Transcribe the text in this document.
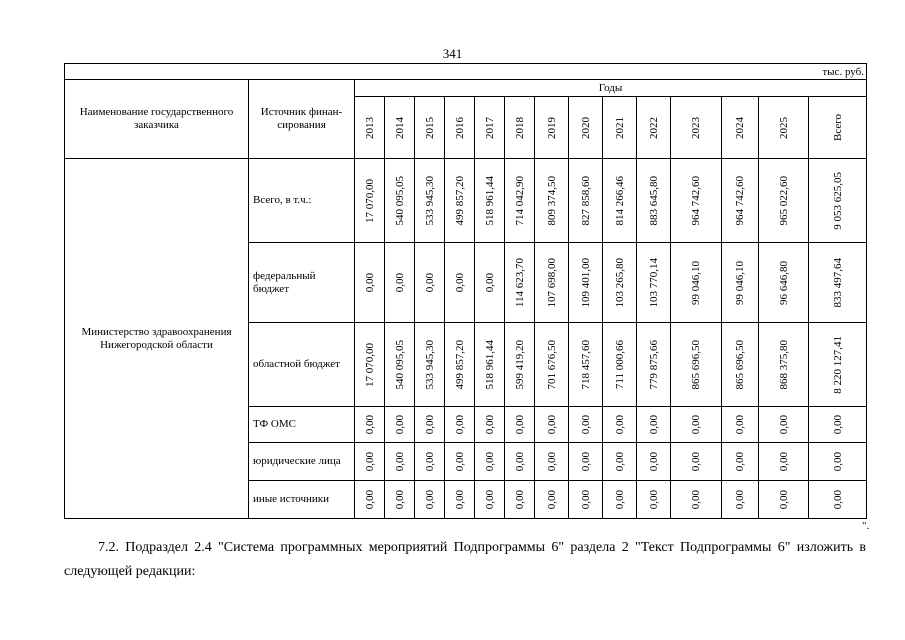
341
тыс. руб.															
Наименование государственного заказчика	Источник финан-сирования	Годы													

		2013	2014	2015	2016	2017	2018	2019	2020	2021	2022	2023	2024	2025	Всего

Министерство здравоохранения Нижегородской области	Всего, в т.ч.:	17 070,00	540 095,05	533 945,30	499 857,20	518 961,44	714 042,90	809 374,50	827 858,60	814 266,46	883 645,80	964 742,60	964 742,60	965 022,60	9 053 625,05

	федеральный бюджет	0,00	0,00	0,00	0,00	0,00	114 623,70	107 698,00	109 401,00	103 265,80	103 770,14	99 046,10	99 046,10	96 646,80	833 497,64

	областной бюджет	17 070,00	540 095,05	533 945,30	499 857,20	518 961,44	599 419,20	701 676,50	718 457,60	711 000,66	779 875,66	865 696,50	865 696,50	868 375,80	8 220 127,41

	ТФ ОМС	0,00	0,00	0,00	0,00	0,00	0,00	0,00	0,00	0,00	0,00	0,00	0,00	0,00	0,00

	юридические лица	0,00	0,00	0,00	0,00	0,00	0,00	0,00	0,00	0,00	0,00	0,00	0,00	0,00	0,00

	иные источники	0,00	0,00	0,00	0,00	0,00	0,00	0,00	0,00	0,00	0,00	0,00	0,00	0,00	0,00
".
7.2. Подраздел 2.4 "Система программных мероприятий Подпрограммы 6" раздела 2 "Текст Подпрограммы 6" изложить в следующей редакции:
